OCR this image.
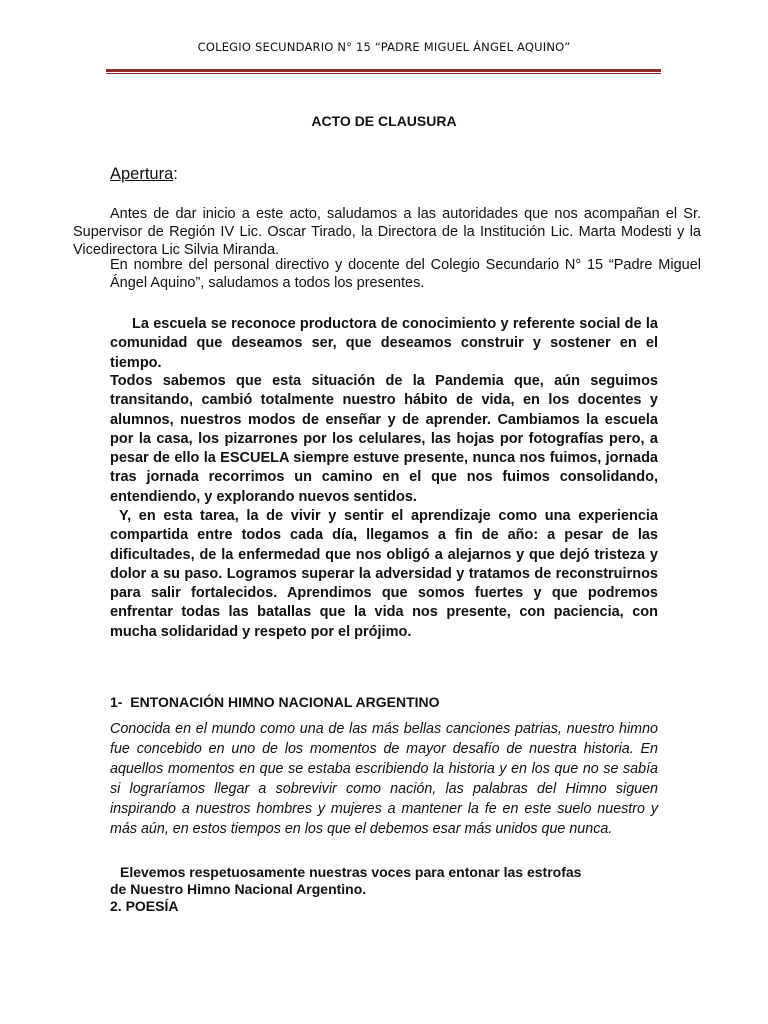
COLEGIO SECUNDARIO N° 15 “PADRE MIGUEL ÁNGEL AQUINO”
ACTO DE CLAUSURA
Apertura:
Antes de dar inicio a este acto, saludamos a las autoridades que nos acompañan el Sr. Supervisor de Región IV Lic. Oscar Tirado, la Directora de la Institución Lic. Marta Modesti y la Vicedirectora Lic Silvia Miranda.
En nombre del personal directivo y docente del Colegio Secundario N° 15 “Padre Miguel Ángel Aquino”, saludamos a todos los presentes.
La escuela se reconoce productora de conocimiento y referente social de la comunidad que deseamos ser, que deseamos construir y sostener en el tiempo.
Todos sabemos que esta situación de la Pandemia que, aún seguimos transitando, cambió totalmente nuestro hábito de vida, en los docentes y alumnos, nuestros modos de enseñar y de aprender. Cambiamos la escuela por la casa, los pizarrones por los celulares, las hojas por fotografías pero, a pesar de ello la ESCUELA siempre estuve presente, nunca nos fuimos, jornada tras jornada recorrimos un camino en el que nos fuimos consolidando, entendiendo, y explorando nuevos sentidos.
Y, en esta tarea, la de vivir y sentir el aprendizaje como una experiencia compartida entre todos cada día, llegamos a fin de año: a pesar de las dificultades, de la enfermedad que nos obligó a alejarnos y que dejó tristeza y dolor a su paso. Logramos superar la adversidad y tratamos de reconstruirnos para salir fortalecidos. Aprendimos que somos fuertes y que podremos enfrentar todas las batallas que la vida nos presente, con paciencia, con mucha solidaridad y respeto por el prójimo.
1- ENTONACIÓN HIMNO NACIONAL ARGENTINO
Conocida en el mundo como una de las más bellas canciones patrias, nuestro himno fue concebido en uno de los momentos de mayor desafío de nuestra historia. En aquellos momentos en que se estaba escribiendo la historia y en los que no se sabía si lograríamos llegar a sobrevivir como nación, las palabras del Himno siguen inspirando a nuestros hombres y mujeres a mantener la fe en este suelo nuestro y más aún, en estos tiempos en los que el debemos esar más unidos que nunca.
Elevemos respetuosamente nuestras voces para entonar las estrofas
de Nuestro Himno Nacional Argentino.
2. POESÍA
